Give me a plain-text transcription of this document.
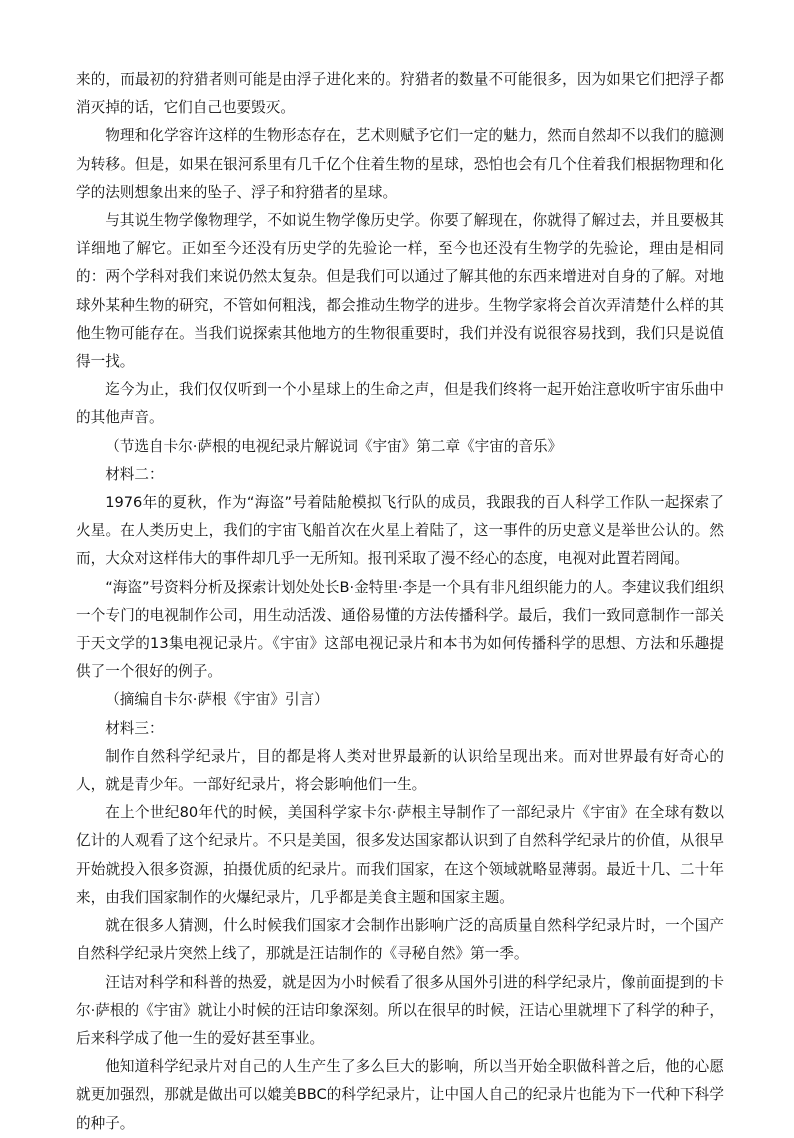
来的，而最初的狩猎者则可能是由浮子进化来的。狩猎者的数量不可能很多，因为如果它们把浮子都消灭掉的话，它们自己也要毁灭。

物理和化学容许这样的生物形态存在，艺术则赋予它们一定的魅力，然而自然却不以我们的臆测为转移。但是，如果在银河系里有几千亿个住着生物的星球，恐怕也会有几个住着我们根据物理和化学的法则想象出来的坠子、浮子和狩猎者的星球。

与其说生物学像物理学，不如说生物学像历史学。你要了解现在，你就得了解过去，并且要极其详细地了解它。正如至今还没有历史学的先验论一样，至今也还没有生物学的先验论，理由是相同的：两个学科对我们来说仍然太复杂。但是我们可以通过了解其他的东西来增进对自身的了解。对地球外某种生物的研究，不管如何粗浅，都会推动生物学的进步。生物学家将会首次弄清楚什么样的其他生物可能存在。当我们说探索其他地方的生物很重要时，我们并没有说很容易找到，我们只是说值得一找。

迄今为止，我们仅仅听到一个小星球上的生命之声，但是我们终将一起开始注意收听宇宙乐曲中的其他声音。

（节选自卡尔·萨根的电视纪录片解说词《宇宙》第二章《宇宙的音乐》

材料二：

1976年的夏秋，作为“海盗”号着陆舱模拟飞行队的成员，我跟我的百人科学工作队一起探索了火星。在人类历史上，我们的宇宙飞船首次在火星上着陆了，这一事件的历史意义是举世公认的。然而，大众对这样伟大的事件却几乎一无所知。报刊采取了漫不经心的态度，电视对此置若罔闻。

“海盗”号资料分析及探索计划处处长B·金特里·李是一个具有非凡组织能力的人。李建议我们组织一个专门的电视制作公司，用生动活泼、通俗易懂的方法传播科学。最后，我们一致同意制作一部关于天文学的13集电视记录片。《宇宙》这部电视记录片和本书为如何传播科学的思想、方法和乐趣提供了一个很好的例子。

（摘编自卡尔·萨根《宇宙》引言）

材料三：

制作自然科学纪录片，目的都是将人类对世界最新的认识给呈现出来。而对世界最有好奇心的人，就是青少年。一部好纪录片，将会影响他们一生。

在上个世纪80年代的时候，美国科学家卡尔·萨根主导制作了一部纪录片《宇宙》在全球有数以亿计的人观看了这个纪录片。不只是美国，很多发达国家都认识到了自然科学纪录片的价值，从很早开始就投入很多资源，拍摄优质的纪录片。而我们国家，在这个领域就略显薄弱。最近十几、二十年来，由我们国家制作的火爆纪录片，几乎都是美食主题和国家主题。

就在很多人猜测，什么时候我们国家才会制作出影响广泛的高质量自然科学纪录片时，一个国产自然科学纪录片突然上线了，那就是汪诘制作的《寻秘自然》第一季。

汪诘对科学和科普的热爱，就是因为小时候看了很多从国外引进的科学纪录片，像前面提到的卡尔·萨根的《宇宙》就让小时候的汪诘印象深刻。所以在很早的时候，汪诘心里就埋下了科学的种子，后来科学成了他一生的爱好甚至事业。

他知道科学纪录片对自己的人生产生了多么巨大的影响，所以当开始全职做科普之后，他的心愿就更加强烈，那就是做出可以媲美BBC的科学纪录片，让中国人自己的纪录片也能为下一代种下科学的种子。
